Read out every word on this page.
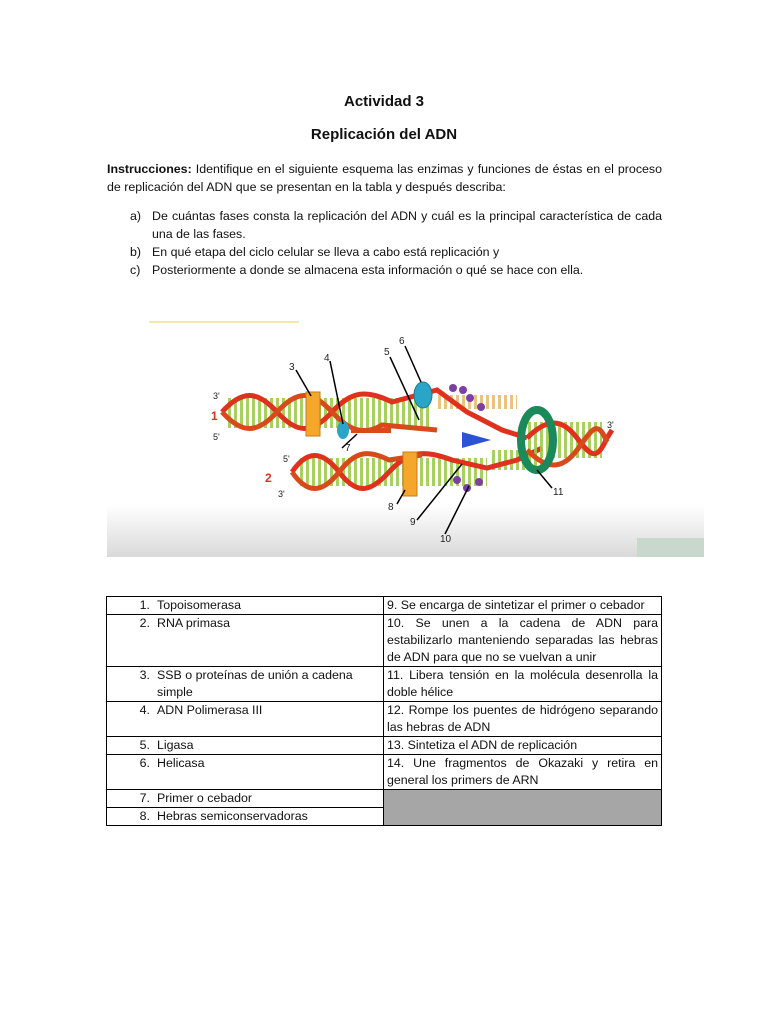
Actividad 3
Replicación del ADN
Instrucciones: Identifique en el siguiente esquema las enzimas y funciones de éstas en el proceso de replicación del ADN que se presentan en la tabla y después describa:
a) De cuántas fases consta la replicación del ADN y cuál es la principal característica de cada una de las fases.
b) En qué etapa del ciclo celular se lleva a cabo está replicación y
c) Posteriormente a donde se almacena esta información o qué se hace con ella.
3'
5'
5'
3'
3'
1
2
3
4
5
6
7
8
9
10
11
1. Topoisomerasa	9. Se encarga de sintetizar el primer o cebador

2. RNA primasa	10. Se unen a la cadena de ADN para estabilizarlo manteniendo separadas las hebras de ADN para que no se vuelvan a unir

3. SSB o proteínas de unión a cadena simple	11. Libera tensión en la molécula desenrolla la doble hélice

4. ADN Polimerasa III	12. Rompe los puentes de hidrógeno separando las hebras de ADN

5. Ligasa	13. Sintetiza el ADN de replicación

6. Helicasa	14. Une fragmentos de Okazaki y retira en general los primers de ARN

7. Primer o cebador	

8. Hebras semiconservadoras	
